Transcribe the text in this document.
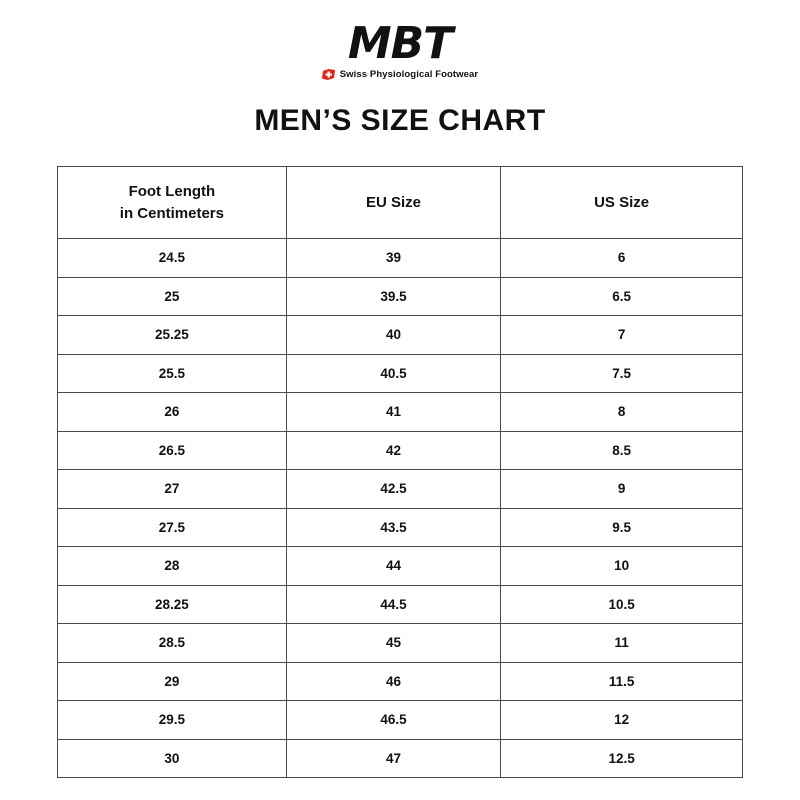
MBT
Swiss Physiological Footwear
MEN’S SIZE CHART
Foot Length
in Centimeters	EU Size	US Size

24.5	39	6
25	39.5	6.5
25.25	40	7
25.5	40.5	7.5
26	41	8
26.5	42	8.5
27	42.5	9
27.5	43.5	9.5
28	44	10
28.25	44.5	10.5
28.5	45	11
29	46	11.5
29.5	46.5	12
30	47	12.5
